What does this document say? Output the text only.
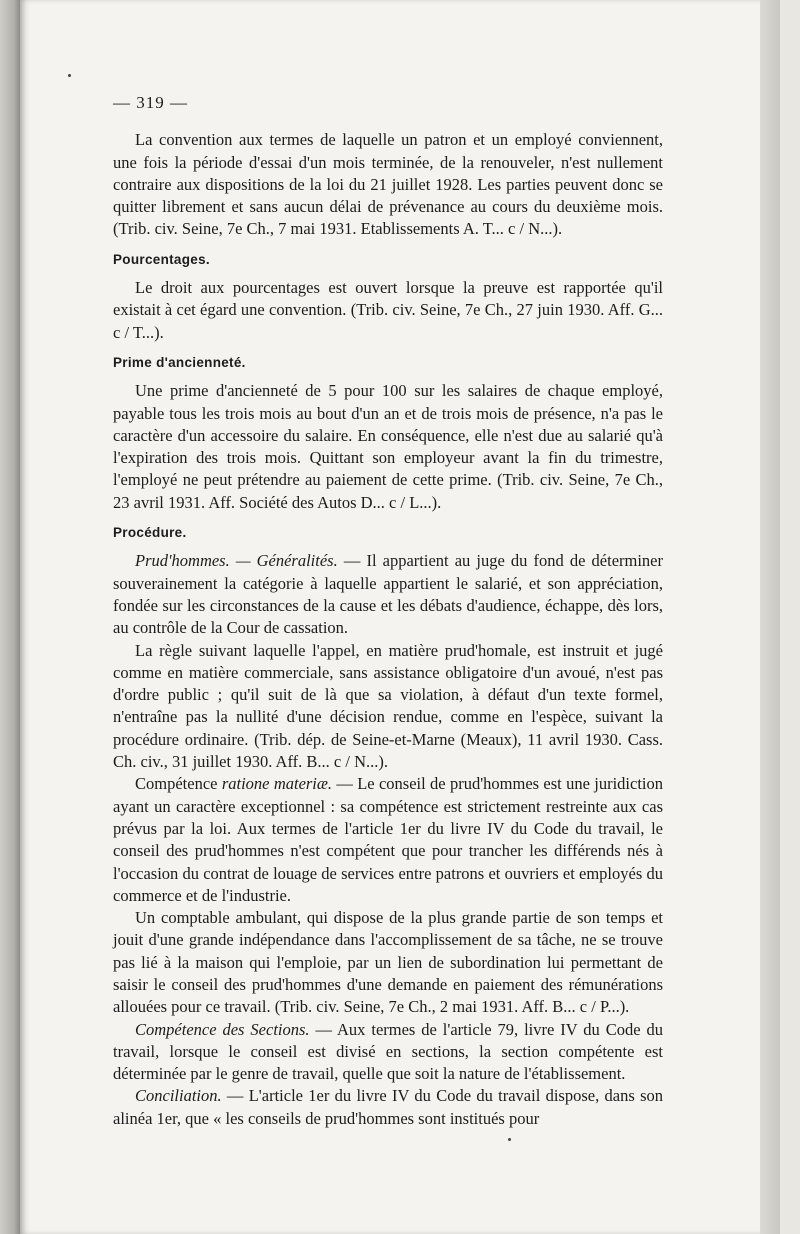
— 319 —

La convention aux termes de laquelle un patron et un employé conviennent, une fois la période d'essai d'un mois terminée, de la renouveler, n'est nullement contraire aux dispositions de la loi du 21 juillet 1928. Les parties peuvent donc se quitter librement et sans aucun délai de prévenance au cours du deuxième mois. (Trib. civ. Seine, 7e Ch., 7 mai 1931. Etablissements A. T... c / N...).

Pourcentages.

Le droit aux pourcentages est ouvert lorsque la preuve est rapportée qu'il existait à cet égard une convention. (Trib. civ. Seine, 7e Ch., 27 juin 1930. Aff. G... c / T...).

Prime d'ancienneté.

Une prime d'ancienneté de 5 pour 100 sur les salaires de chaque employé, payable tous les trois mois au bout d'un an et de trois mois de présence, n'a pas le caractère d'un accessoire du salaire. En conséquence, elle n'est due au salarié qu'à l'expiration des trois mois. Quittant son employeur avant la fin du trimestre, l'employé ne peut prétendre au paiement de cette prime. (Trib. civ. Seine, 7e Ch., 23 avril 1931. Aff. Société des Autos D... c / L...).

Procédure.

Prud'hommes. — Généralités. — Il appartient au juge du fond de déterminer souverainement la catégorie à laquelle appartient le salarié, et son appréciation, fondée sur les circonstances de la cause et les débats d'audience, échappe, dès lors, au contrôle de la Cour de cassation.

La règle suivant laquelle l'appel, en matière prud'homale, est instruit et jugé comme en matière commerciale, sans assistance obligatoire d'un avoué, n'est pas d'ordre public ; qu'il suit de là que sa violation, à défaut d'un texte formel, n'entraîne pas la nullité d'une décision rendue, comme en l'espèce, suivant la procédure ordinaire. (Trib. dép. de Seine-et-Marne (Meaux), 11 avril 1930. Cass. Ch. civ., 31 juillet 1930. Aff. B... c / N...).

Compétence ratione materiæ. — Le conseil de prud'hommes est une juridiction ayant un caractère exceptionnel : sa compétence est strictement restreinte aux cas prévus par la loi. Aux termes de l'article 1er du livre IV du Code du travail, le conseil des prud'hommes n'est compétent que pour trancher les différends nés à l'occasion du contrat de louage de services entre patrons et ouvriers et employés du commerce et de l'industrie.

Un comptable ambulant, qui dispose de la plus grande partie de son temps et jouit d'une grande indépendance dans l'accomplissement de sa tâche, ne se trouve pas lié à la maison qui l'emploie, par un lien de subordination lui permettant de saisir le conseil des prud'hommes d'une demande en paiement des rémunérations allouées pour ce travail. (Trib. civ. Seine, 7e Ch., 2 mai 1931. Aff. B... c / P...).

Compétence des Sections. — Aux termes de l'article 79, livre IV du Code du travail, lorsque le conseil est divisé en sections, la section compétente est déterminée par le genre de travail, quelle que soit la nature de l'établissement.

Conciliation. — L'article 1er du livre IV du Code du travail dispose, dans son alinéa 1er, que « les conseils de prud'hommes sont institués pour
